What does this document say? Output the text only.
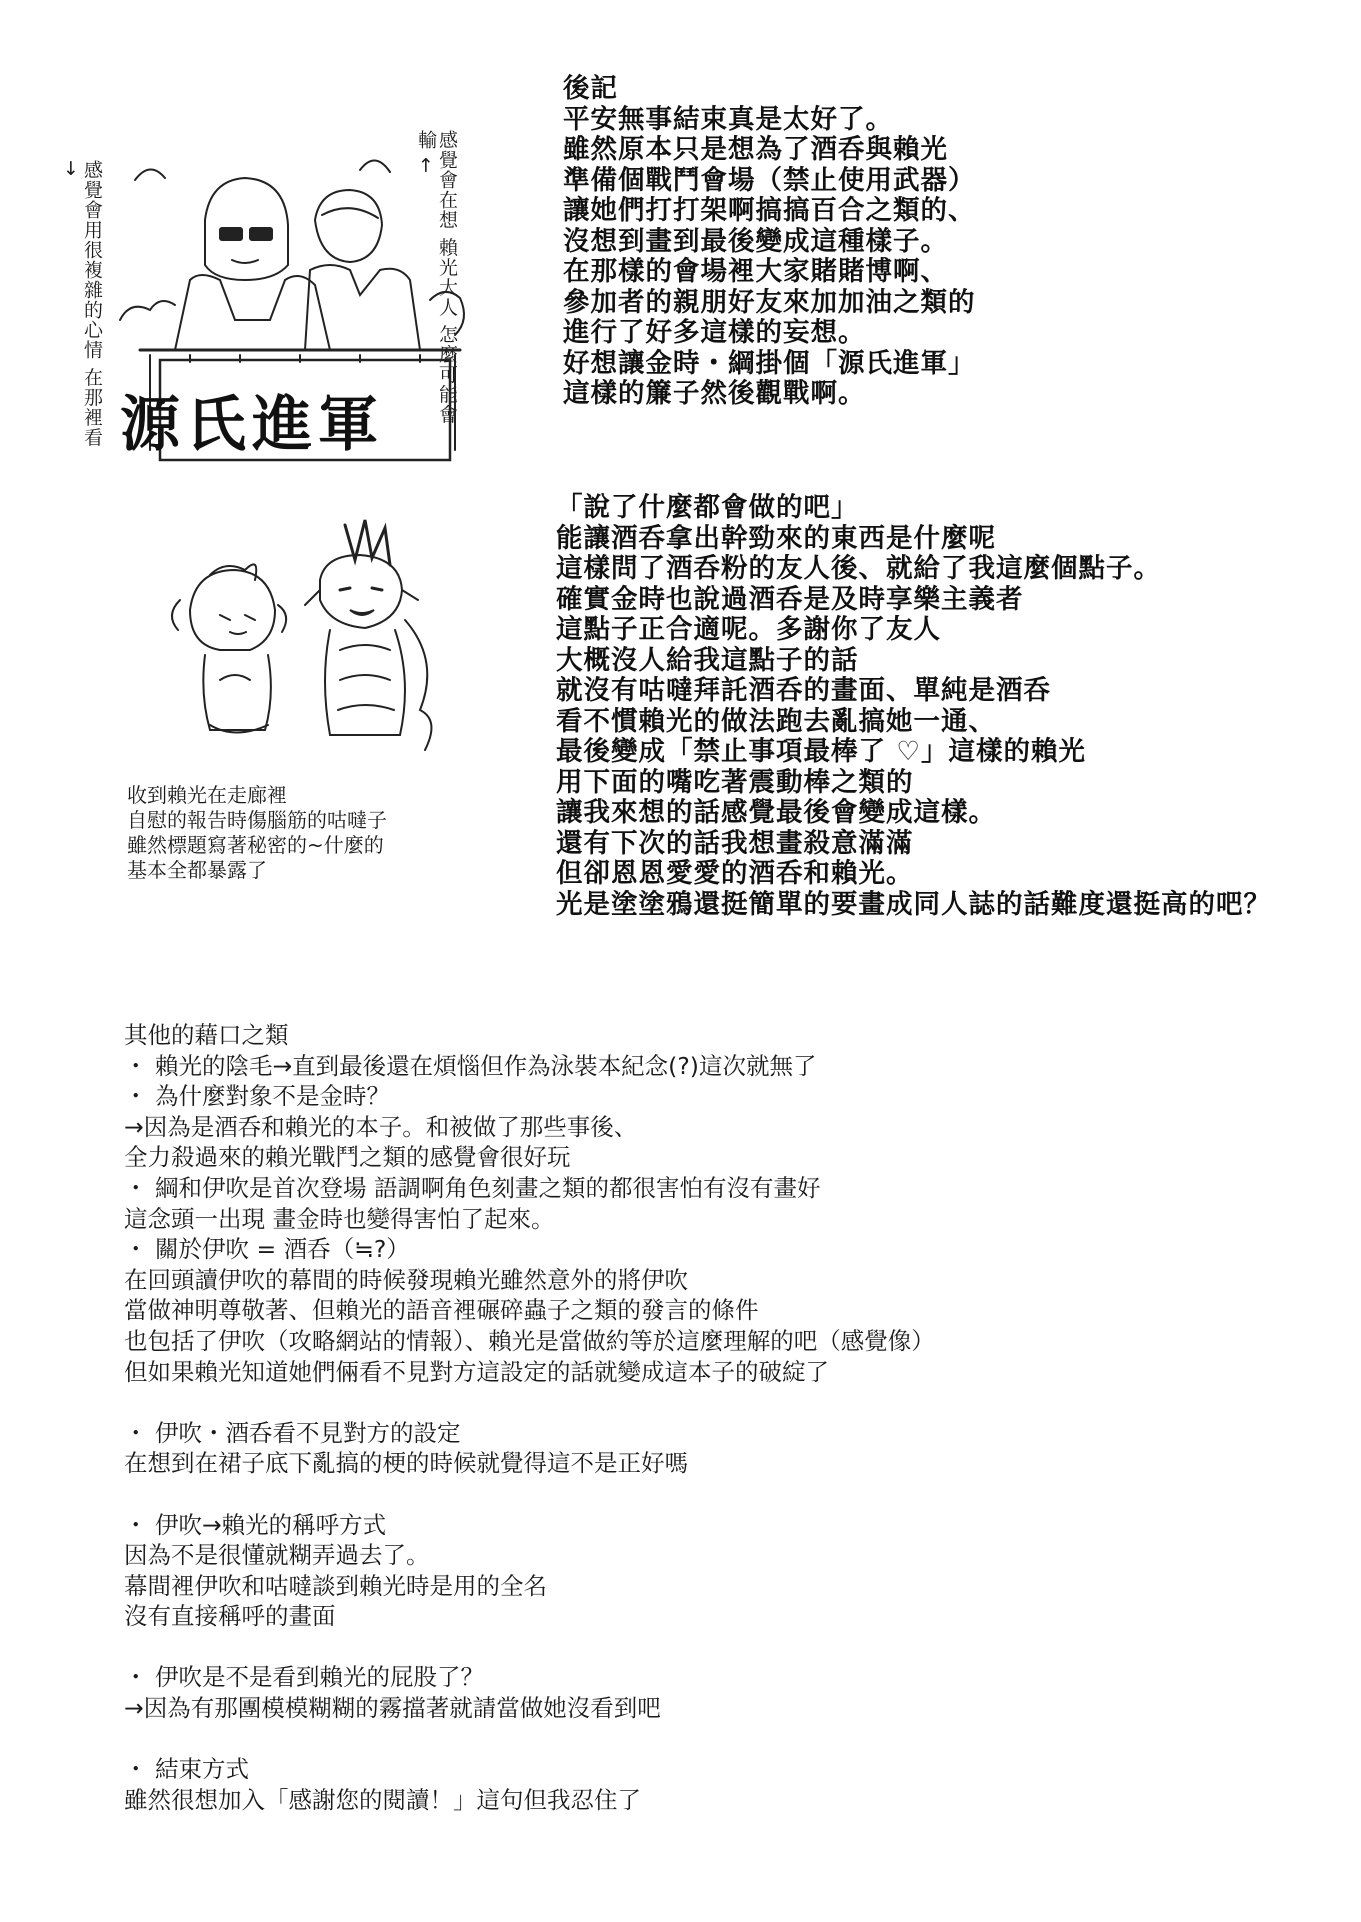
後記
平安無事結束真是太好了。
雖然原本只是想為了酒呑與賴光
準備個戰鬥會場（禁止使用武器）
讓她們打打架啊搞搞百合之類的、
沒想到畫到最後變成這種樣子。
在那樣的會場裡大家賭賭博啊、
參加者的親朋好友來加加油之類的
進行了好多這樣的妄想。
好想讓金時・綱掛個「源氏進軍」
這樣的簾子然後觀戰啊。
感覺會用很複雜的心情 在那裡看→	感覺會在想 賴光大人 怎麼可能會輸 ←
源氏進軍
「說了什麼都會做的吧」
能讓酒呑拿出幹勁來的東西是什麼呢
這樣問了酒呑粉的友人後、就給了我這麼個點子。
確實金時也說過酒呑是及時享樂主義者
這點子正合適呢。多謝你了友人
大概沒人給我這點子的話
就沒有咕噠拜託酒呑的畫面、單純是酒呑
看不慣賴光的做法跑去亂搞她一通、
最後變成「禁止事項最棒了 ♡」這樣的賴光
用下面的嘴吃著震動棒之類的
讓我來想的話感覺最後會變成這樣。
還有下次的話我想畫殺意滿滿
但卻恩恩愛愛的酒呑和賴光。
光是塗塗鴉還挺簡單的要畫成同人誌的話難度還挺高的吧？
收到賴光在走廊裡
自慰的報告時傷腦筋的咕噠子
雖然標題寫著秘密的~什麼的
基本全都暴露了
其他的藉口之類
・ 賴光的陰毛→直到最後還在煩惱但作為泳裝本紀念(?)這次就無了
・ 為什麼對象不是金時？
→因為是酒呑和賴光的本子。和被做了那些事後、
全力殺過來的賴光戰鬥之類的感覺會很好玩
・ 綱和伊吹是首次登場 語調啊角色刻畫之類的都很害怕有沒有畫好
這念頭一出現 畫金時也變得害怕了起來。
・ 關於伊吹 = 酒呑（≒?）
在回頭讀伊吹的幕間的時候發現賴光雖然意外的將伊吹
當做神明尊敬著、但賴光的語音裡碾碎蟲子之類的發言的條件
也包括了伊吹（攻略網站的情報）、賴光是當做約等於這麼理解的吧（感覺像）
但如果賴光知道她們倆看不見對方這設定的話就變成這本子的破綻了

・ 伊吹・酒呑看不見對方的設定
在想到在裙子底下亂搞的梗的時候就覺得這不是正好嗎

・ 伊吹→賴光的稱呼方式
因為不是很懂就糊弄過去了。
幕間裡伊吹和咕噠談到賴光時是用的全名
沒有直接稱呼的畫面

・ 伊吹是不是看到賴光的屁股了？
→因為有那團模模糊糊的霧擋著就請當做她沒看到吧

・ 結束方式
雖然很想加入「感謝您的閱讀！」這句但我忍住了
